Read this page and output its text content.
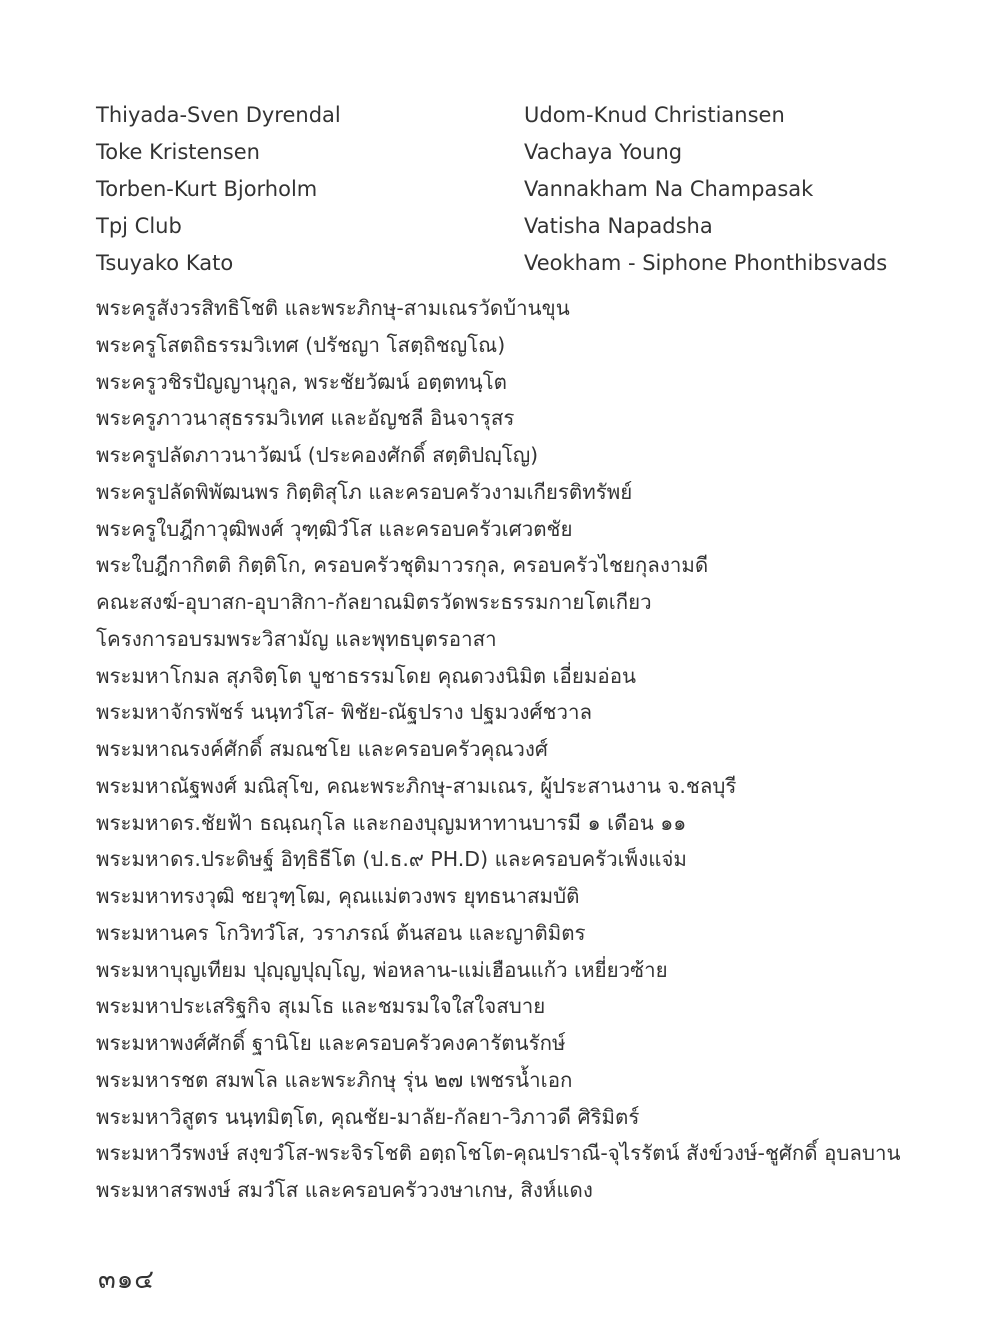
Thiyada-Sven Dyrendal
Toke Kristensen
Torben-Kurt Bjorholm
Tpj Club
Tsuyako Kato
Udom-Knud Christiansen
Vachaya Young
Vannakham Na Champasak
Vatisha Napadsha
Veokham - Siphone Phonthibsvads
พระครูสังวรสิทธิโชติ และพระภิกษุ-สามเณรวัดบ้านขุน
พระครูโสตถิธรรมวิเทศ (ปรัชญา โสตฺถิชญโณ)
พระครูวชิรปัญญานุกูล, พระชัยวัฒน์ อตฺตทนฺโต
พระครูภาวนาสุธรรมวิเทศ และอัญชลี อินจารุสร
พระครูปลัดภาวนาวัฒน์ (ประคองศักดิ์ สตฺติปญฺโญ)
พระครูปลัดพิพัฒนพร กิตฺติสุโภ และครอบครัวงามเกียรติทรัพย์
พระครูใบฎีกาวุฒิพงศ์ วุฑฺฒิวํโส และครอบครัวเศวตชัย
พระใบฎีกากิตติ กิตฺติโก, ครอบครัวชุติมาวรกุล, ครอบครัวไชยกุลงามดี
คณะสงฆ์-อุบาสก-อุบาสิกา-กัลยาณมิตรวัดพระธรรมกายโตเกียว
โครงการอบรมพระวิสามัญ และพุทธบุตรอาสา
พระมหาโกมล สุภจิตฺโต บูชาธรรมโดย คุณดวงนิมิต เอี่ยมอ่อน
พระมหาจักรพัชร์ นนฺทวํโส- พิชัย-ณัฐปราง ปฐมวงศ์ชวาล
พระมหาณรงค์ศักดิ์ สมณชโย และครอบครัวคุณวงศ์
พระมหาณัฐพงศ์ มณิสุโข, คณะพระภิกษุ-สามเณร, ผู้ประสานงาน จ.ชลบุรี
พระมหาดร.ชัยฟ้า ธณฺณกุโล และกองบุญมหาทานบารมี ๑ เดือน ๑๑
พระมหาดร.ประดิษฐ์ อิทฺธิธีโต (ป.ธ.๙ PH.D) และครอบครัวเพ็งแจ่ม
พระมหาทรงวุฒิ ชยวุฑฺโฒ, คุณแม่ตวงพร ยุทธนาสมบัติ
พระมหานคร โกวิทวํโส, วราภรณ์ ต้นสอน และญาติมิตร
พระมหาบุญเทียม ปุญฺญปุญฺโญ, พ่อหลาน-แม่เฮือนแก้ว เหยี่ยวซ้าย
พระมหาประเสริฐกิจ สุเมโธ และชมรมใจใสใจสบาย
พระมหาพงศ์ศักดิ์ ฐานิโย และครอบครัวคงคารัตนรักษ์
พระมหารชต สมพโล และพระภิกษุ รุ่น ๒๗ เพชรน้ำเอก
พระมหาวิสูตร นนฺทมิตฺโต, คุณชัย-มาลัย-กัลยา-วิภาวดี ศิริมิตร์
พระมหาวีรพงษ์ สงฺขวํโส-พระจิรโชติ อตฺถโชโต-คุณปราณี-จุไรรัตน์ สังข์วงษ์-ชูศักดิ์ อุบลบาน
พระมหาสรพงษ์ สมวํโส และครอบครัววงษาเกษ, สิงห์แดง
๓๑๔
